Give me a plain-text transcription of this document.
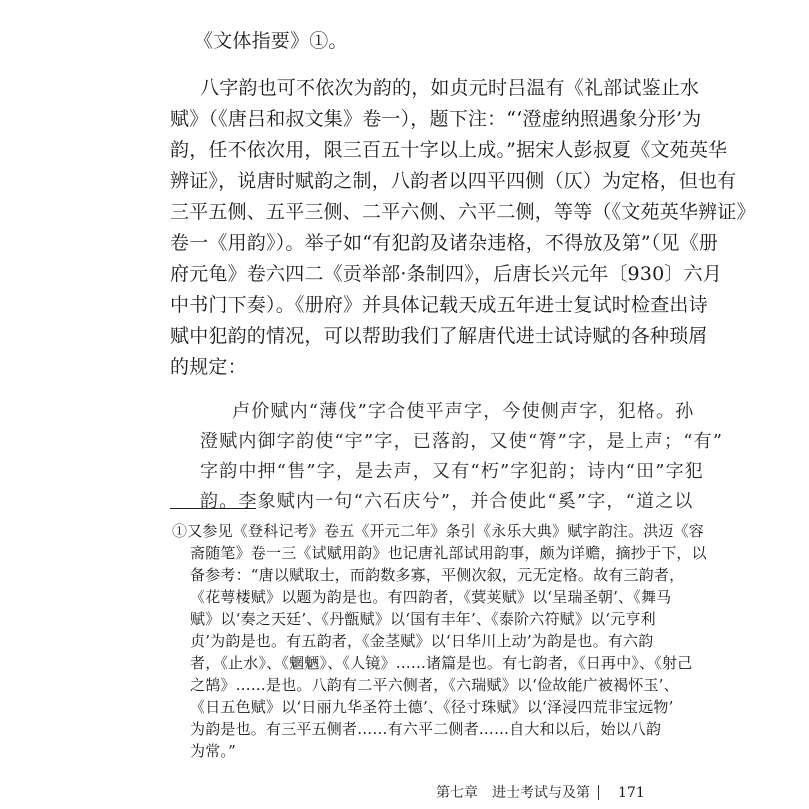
《文体指要》①。
八字韵也可不依次为韵的，如贞元时吕温有《礼部试鉴止水
赋》（《唐吕和叔文集》卷一），题下注：“‘澄虚纳照遇象分形’为
韵，任不依次用，限三百五十字以上成。”据宋人彭叔夏《文苑英华
辨证》，说唐时赋韵之制，八韵者以四平四侧（仄）为定格，但也有
三平五侧、五平三侧、二平六侧、六平二侧，等等（《文苑英华辨证》
卷一《用韵》）。举子如“有犯韵及诸杂违格，不得放及第”（见《册
府元龟》卷六四二《贡举部·条制四》，后唐长兴元年〔930〕六月
中书门下奏）。《册府》并具体记载天成五年进士复试时检查出诗
赋中犯韵的情况，可以帮助我们了解唐代进士试诗赋的各种琐屑
的规定：
卢价赋内“薄伐”字合使平声字，今使侧声字，犯格。孙
澄赋内御字韵使“宇”字，已落韵，又使“膂”字，是上声；“有”
字韵中押“售”字，是去声，又有“朽”字犯韵；诗内“田”字犯
韵。李象赋内一句“六石庆兮”，并合使此“奚”字，“道之以
①又参见《登科记考》卷五《开元二年》条引《永乐大典》赋字韵注。洪迈《容
斋随笔》卷一三《试赋用韵》也记唐礼部试用韵事，颇为详赡，摘抄于下，以
备参考：“唐以赋取士，而韵数多寡，平侧次叙，元无定格。故有三韵者，
《花萼楼赋》以题为韵是也。有四韵者，《蓂荚赋》以‘呈瑞圣朝’、《舞马
赋》以‘奏之天廷’、《丹甑赋》以‘国有丰年’、《泰阶六符赋》以‘元亨利
贞’为韵是也。有五韵者，《金茎赋》以‘日华川上动’为韵是也。有六韵
者，《止水》、《魍魉》、《人镜》……诸篇是也。有七韵者，《日再中》、《射己
之鹄》……是也。八韵有二平六侧者，《六瑞赋》以‘俭故能广被褐怀玉’、
《日五色赋》以‘日丽九华圣符土德’、《径寸珠赋》以‘泽浸四荒非宝远物’
为韵是也。有三平五侧者……有六平二侧者……自大和以后，始以八韵
为常。”
第七章　进士考试与及第 171
